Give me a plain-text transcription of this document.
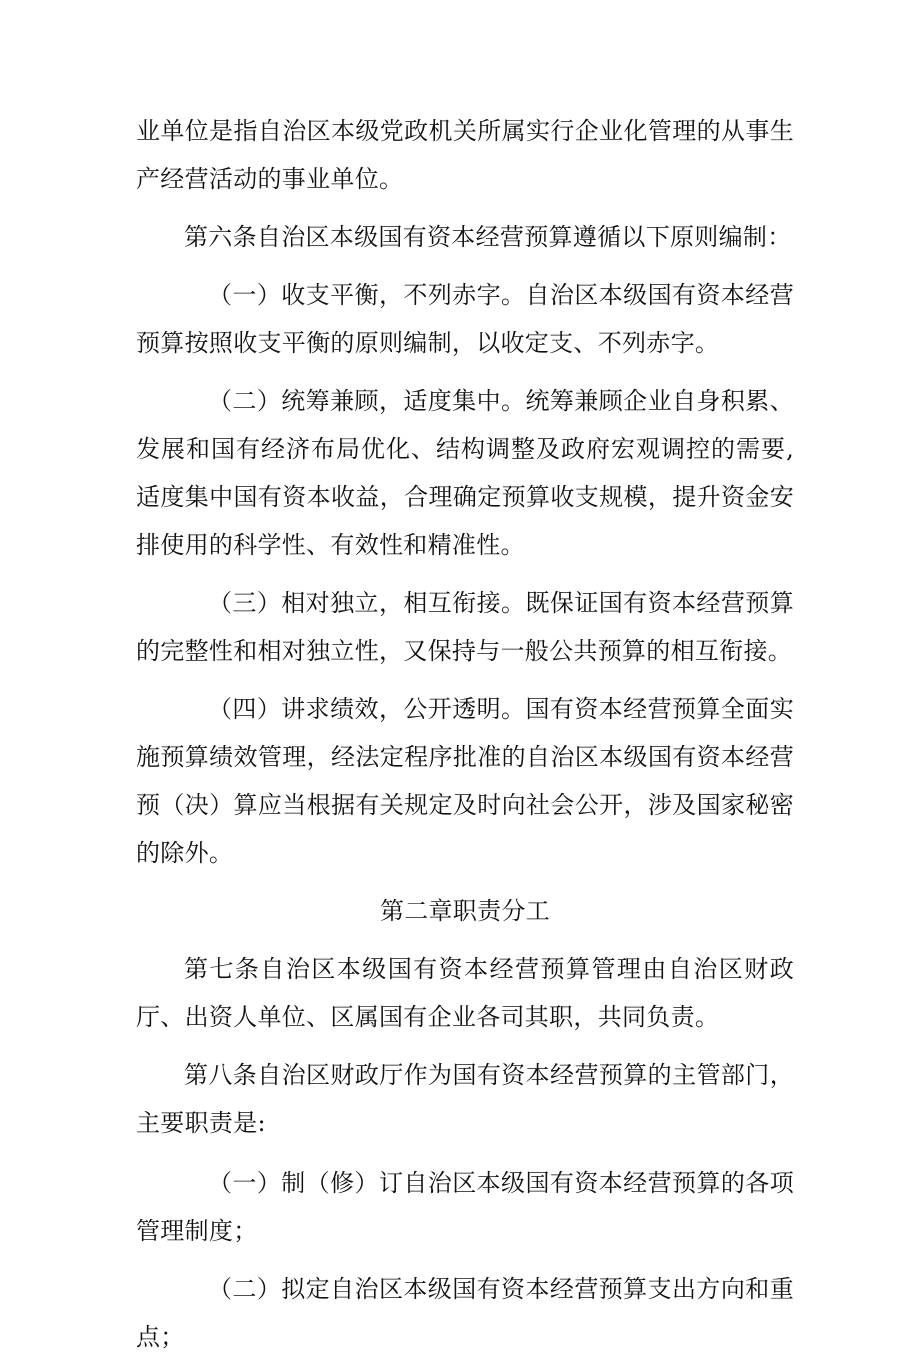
业单位是指自治区本级党政机关所属实行企业化管理的从事生产经营活动的事业单位。

第六条自治区本级国有资本经营预算遵循以下原则编制：

（一）收支平衡，不列赤字。自治区本级国有资本经营预算按照收支平衡的原则编制，以收定支、不列赤字。

（二）统筹兼顾，适度集中。统筹兼顾企业自身积累、发展和国有经济布局优化、结构调整及政府宏观调控的需要,适度集中国有资本收益，合理确定预算收支规模，提升资金安排使用的科学性、有效性和精准性。

（三）相对独立，相互衔接。既保证国有资本经营预算的完整性和相对独立性，又保持与一般公共预算的相互衔接。

（四）讲求绩效，公开透明。国有资本经营预算全面实施预算绩效管理，经法定程序批准的自治区本级国有资本经营预（决）算应当根据有关规定及时向社会公开，涉及国家秘密的除外。

第二章职责分工

第七条自治区本级国有资本经营预算管理由自治区财政厅、出资人单位、区属国有企业各司其职，共同负责。

第八条自治区财政厅作为国有资本经营预算的主管部门，主要职责是:

（一）制（修）订自治区本级国有资本经营预算的各项管理制度；

（二）拟定自治区本级国有资本经营预算支出方向和重点；
